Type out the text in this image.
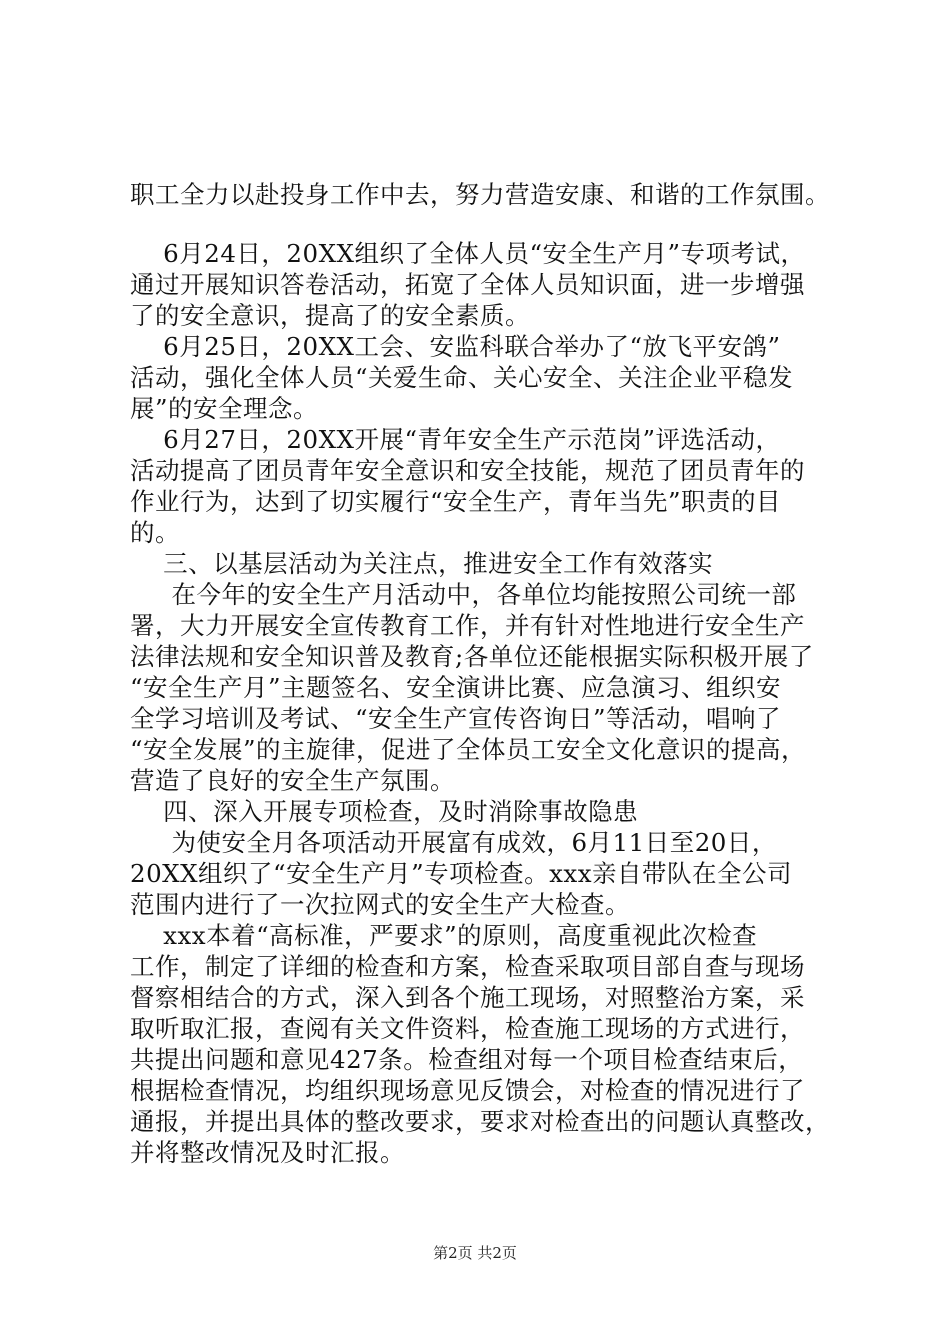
职工全力以赴投身工作中去，努力营造安康、和谐的工作氛围。
6月24日，20XX组织了全体人员“安全生产月”专项考试，
通过开展知识答卷活动，拓宽了全体人员知识面，进一步增强
了的安全意识，提高了的安全素质。
6月25日，20XX工会、安监科联合举办了“放飞平安鸽”
活动，强化全体人员“关爱生命、关心安全、关注企业平稳发
展”的安全理念。
6月27日，20XX开展“青年安全生产示范岗”评选活动，
活动提高了团员青年安全意识和安全技能，规范了团员青年的
作业行为，达到了切实履行“安全生产，青年当先”职责的目
的。
三、以基层活动为关注点，推进安全工作有效落实
在今年的安全生产月活动中，各单位均能按照公司统一部
署，大力开展安全宣传教育工作，并有针对性地进行安全生产
法律法规和安全知识普及教育;各单位还能根据实际积极开展了
“安全生产月”主题签名、安全演讲比赛、应急演习、组织安
全学习培训及考试、“安全生产宣传咨询日”等活动，唱响了
“安全发展”的主旋律，促进了全体员工安全文化意识的提高，
营造了良好的安全生产氛围。
四、深入开展专项检查，及时消除事故隐患
为使安全月各项活动开展富有成效，6月11日至20日，
20XX组织了“安全生产月”专项检查。xxx亲自带队在全公司
范围内进行了一次拉网式的安全生产大检查。
xxx本着“高标准，严要求”的原则，高度重视此次检查
工作，制定了详细的检查和方案，检查采取项目部自查与现场
督察相结合的方式，深入到各个施工现场，对照整治方案，采
取听取汇报，查阅有关文件资料，检查施工现场的方式进行，
共提出问题和意见427条。检查组对每一个项目检查结束后，
根据检查情况，均组织现场意见反馈会，对检查的情况进行了
通报，并提出具体的整改要求，要求对检查出的问题认真整改，
并将整改情况及时汇报。
第2页 共2页
